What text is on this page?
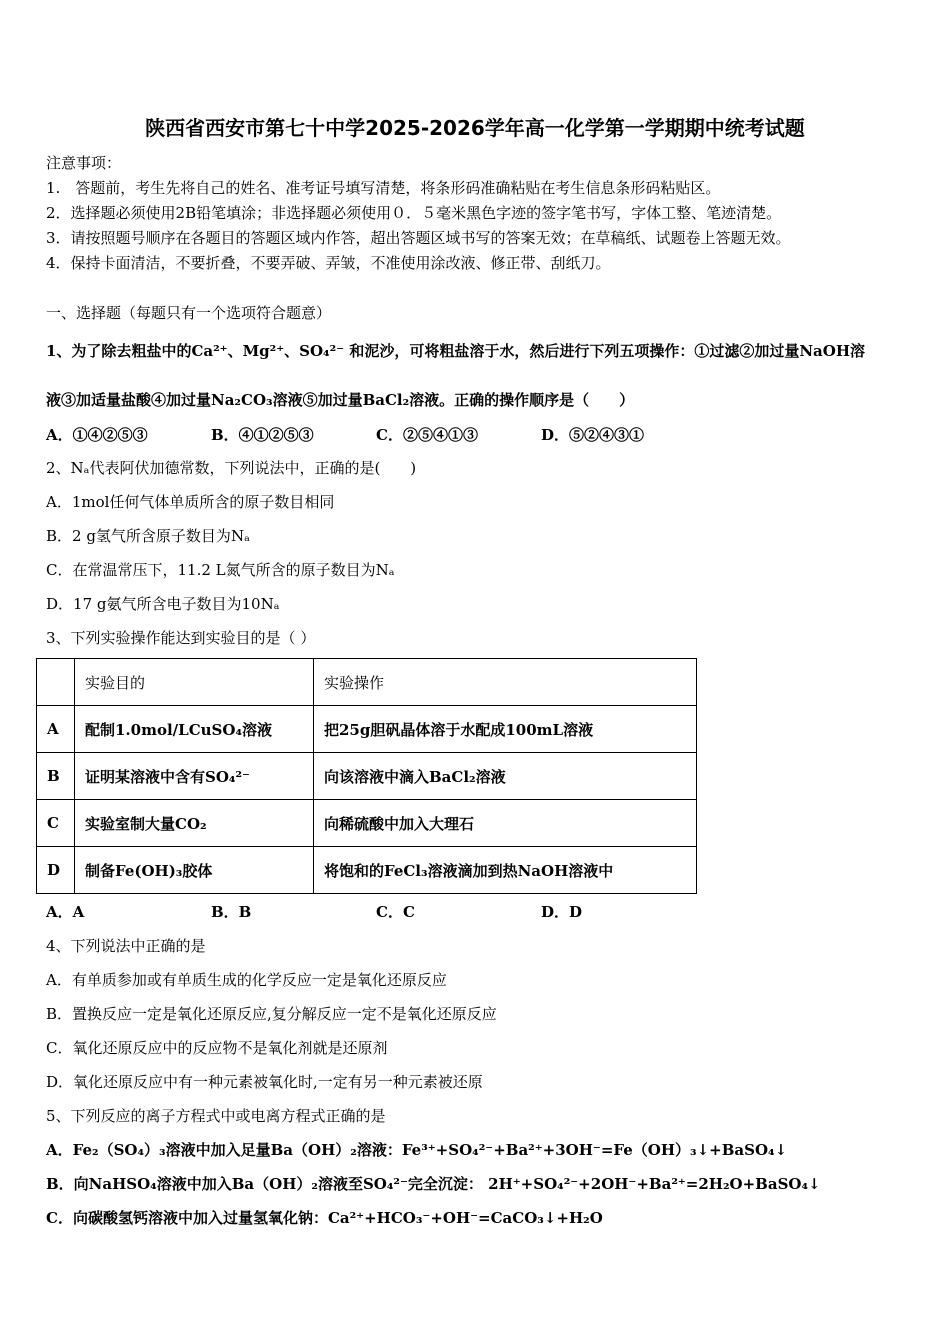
陕西省西安市第七十中学2025-2026学年高一化学第一学期期中统考试题
注意事项：
1.　答题前，考生先将自己的姓名、准考证号填写清楚，将条形码准确粘贴在考生信息条形码粘贴区。
2．选择题必须使用2B铅笔填涂；非选择题必须使用０．５毫米黑色字迹的签字笔书写，字体工整、笔迹清楚。
3．请按照题号顺序在各题目的答题区域内作答，超出答题区域书写的答案无效；在草稿纸、试题卷上答题无效。
4．保持卡面清洁，不要折叠，不要弄破、弄皱，不准使用涂改液、修正带、刮纸刀。
一、选择题（每题只有一个选项符合题意）
1、为了除去粗盐中的Ca²⁺、Mg²⁺、SO₄²⁻ 和泥沙，可将粗盐溶于水，然后进行下列五项操作：①过滤②加过量NaOH溶
液③加适量盐酸④加过量Na₂CO₃溶液⑤加过量BaCl₂溶液。正确的操作顺序是（　　）
A．①④②⑤③	B．④①②⑤③	C．②⑤④①③	D．⑤②④③①
2、Nₐ代表阿伏加德常数，下列说法中，正确的是(　　)
A．1mol任何气体单质所含的原子数目相同
B．2 g氢气所含原子数目为Nₐ
C．在常温常压下，11.2 L氮气所含的原子数目为Nₐ
D．17 g氨气所含电子数目为10Nₐ
3、下列实验操作能达到实验目的是（ ）
	实验目的	实验操作
A	配制1.0mol/LCuSO₄溶液	把25g胆矾晶体溶于水配成100mL溶液
B	证明某溶液中含有SO₄²⁻	向该溶液中滴入BaCl₂溶液
C	实验室制大量CO₂	向稀硫酸中加入大理石
D	制备Fe(OH)₃胶体	将饱和的FeCl₃溶液滴加到热NaOH溶液中
A．A	B．B	C．C	D．D
4、下列说法中正确的是
A．有单质参加或有单质生成的化学反应一定是氧化还原反应
B．置换反应一定是氧化还原反应,复分解反应一定不是氧化还原反应
C．氧化还原反应中的反应物不是氧化剂就是还原剂
D．氧化还原反应中有一种元素被氧化时,一定有另一种元素被还原
5、下列反应的离子方程式中或电离方程式正确的是
A．Fe₂（SO₄）₃溶液中加入足量Ba（OH）₂溶液：Fe³⁺+SO₄²⁻+Ba²⁺+3OH⁻=Fe（OH）₃↓+BaSO₄↓
B．向NaHSO₄溶液中加入Ba（OH）₂溶液至SO₄²⁻完全沉淀： 2H⁺+SO₄²⁻+2OH⁻+Ba²⁺=2H₂O+BaSO₄↓
C．向碳酸氢钙溶液中加入过量氢氧化钠：Ca²⁺+HCO₃⁻+OH⁻=CaCO₃↓+H₂O
